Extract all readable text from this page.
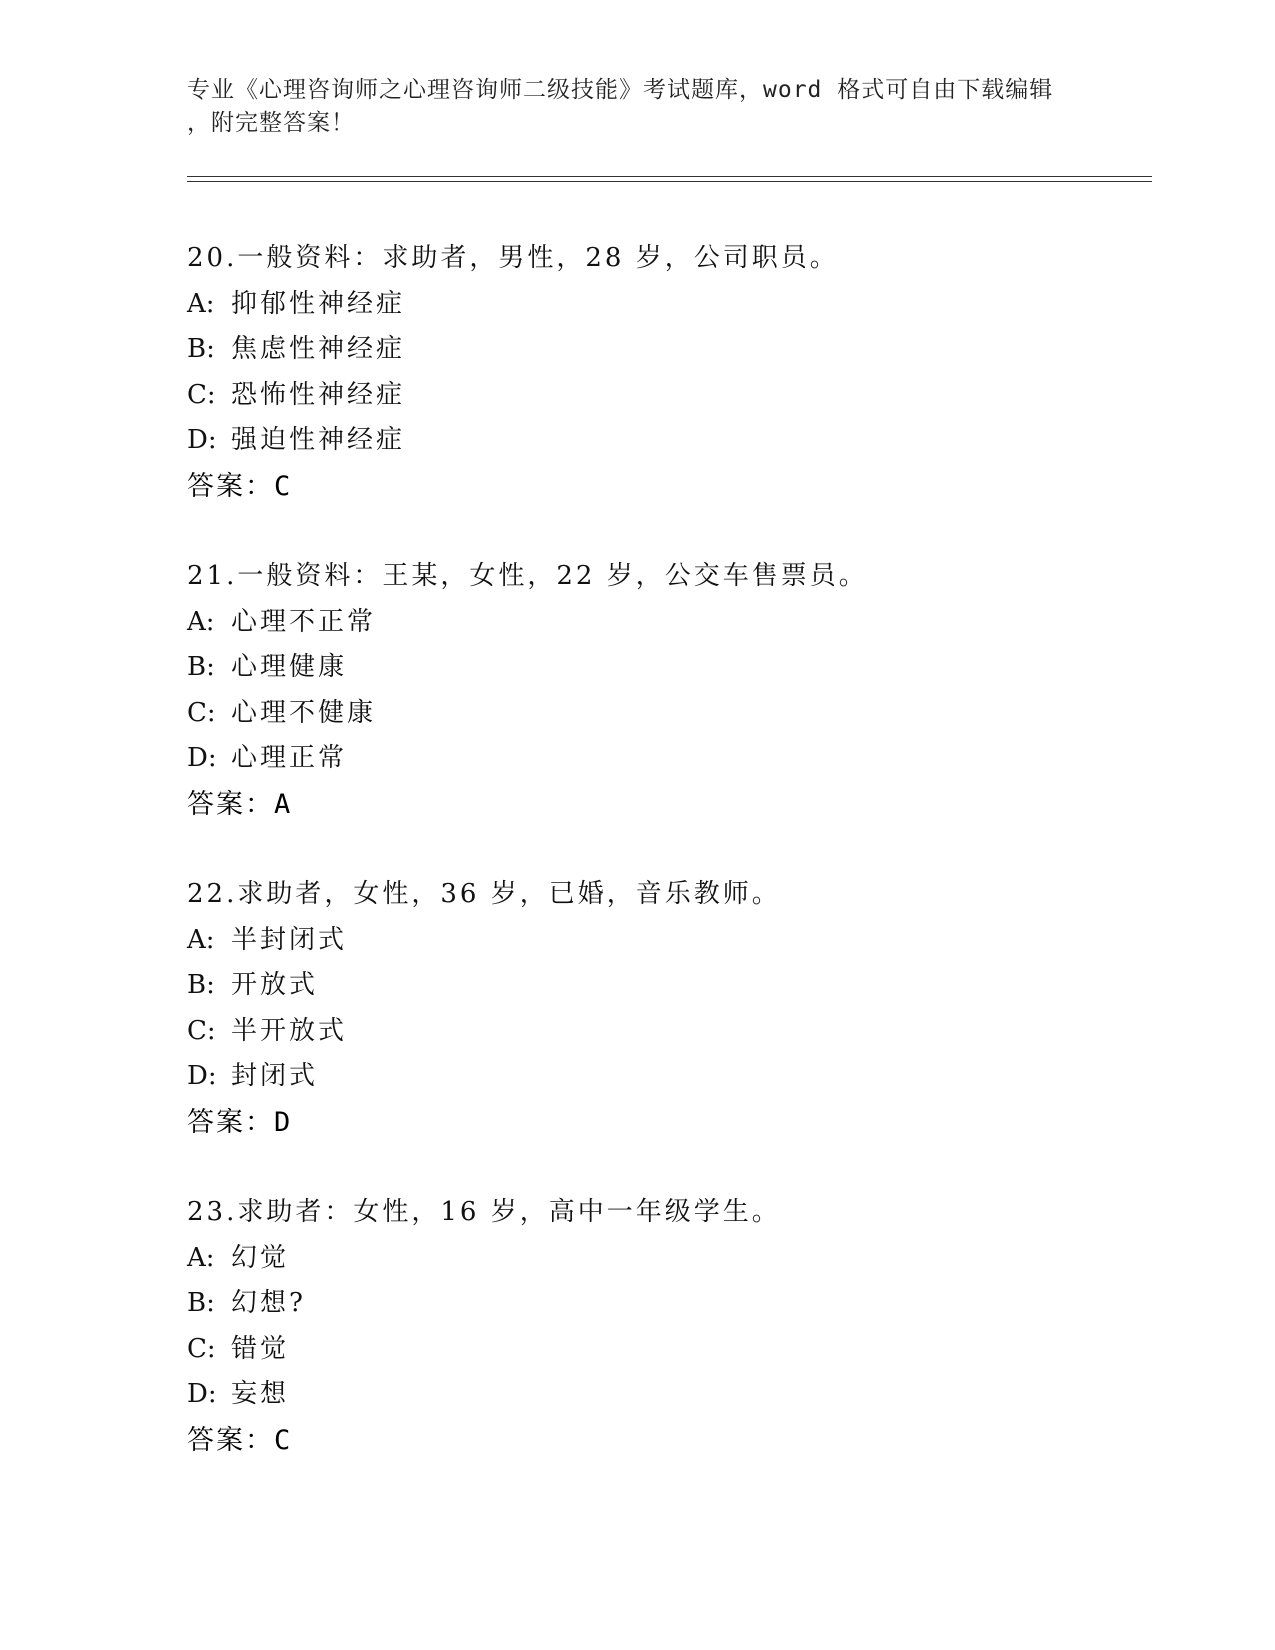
专业《心理咨询师之心理咨询师二级技能》考试题库，word 格式可自由下载编辑
，附完整答案！
20.一般资料：求助者，男性，28 岁，公司职员。
A: 抑郁性神经症
B: 焦虑性神经症
C: 恐怖性神经症
D: 强迫性神经症
答案：C
21.一般资料：王某，女性，22 岁，公交车售票员。
A: 心理不正常
B: 心理健康
C: 心理不健康
D: 心理正常
答案：A
22.求助者，女性，36 岁，已婚，音乐教师。
A: 半封闭式
B: 开放式
C: 半开放式
D: 封闭式
答案：D
23.求助者：女性，16 岁，高中一年级学生。
A: 幻觉
B: 幻想?
C: 错觉
D: 妄想
答案：C
